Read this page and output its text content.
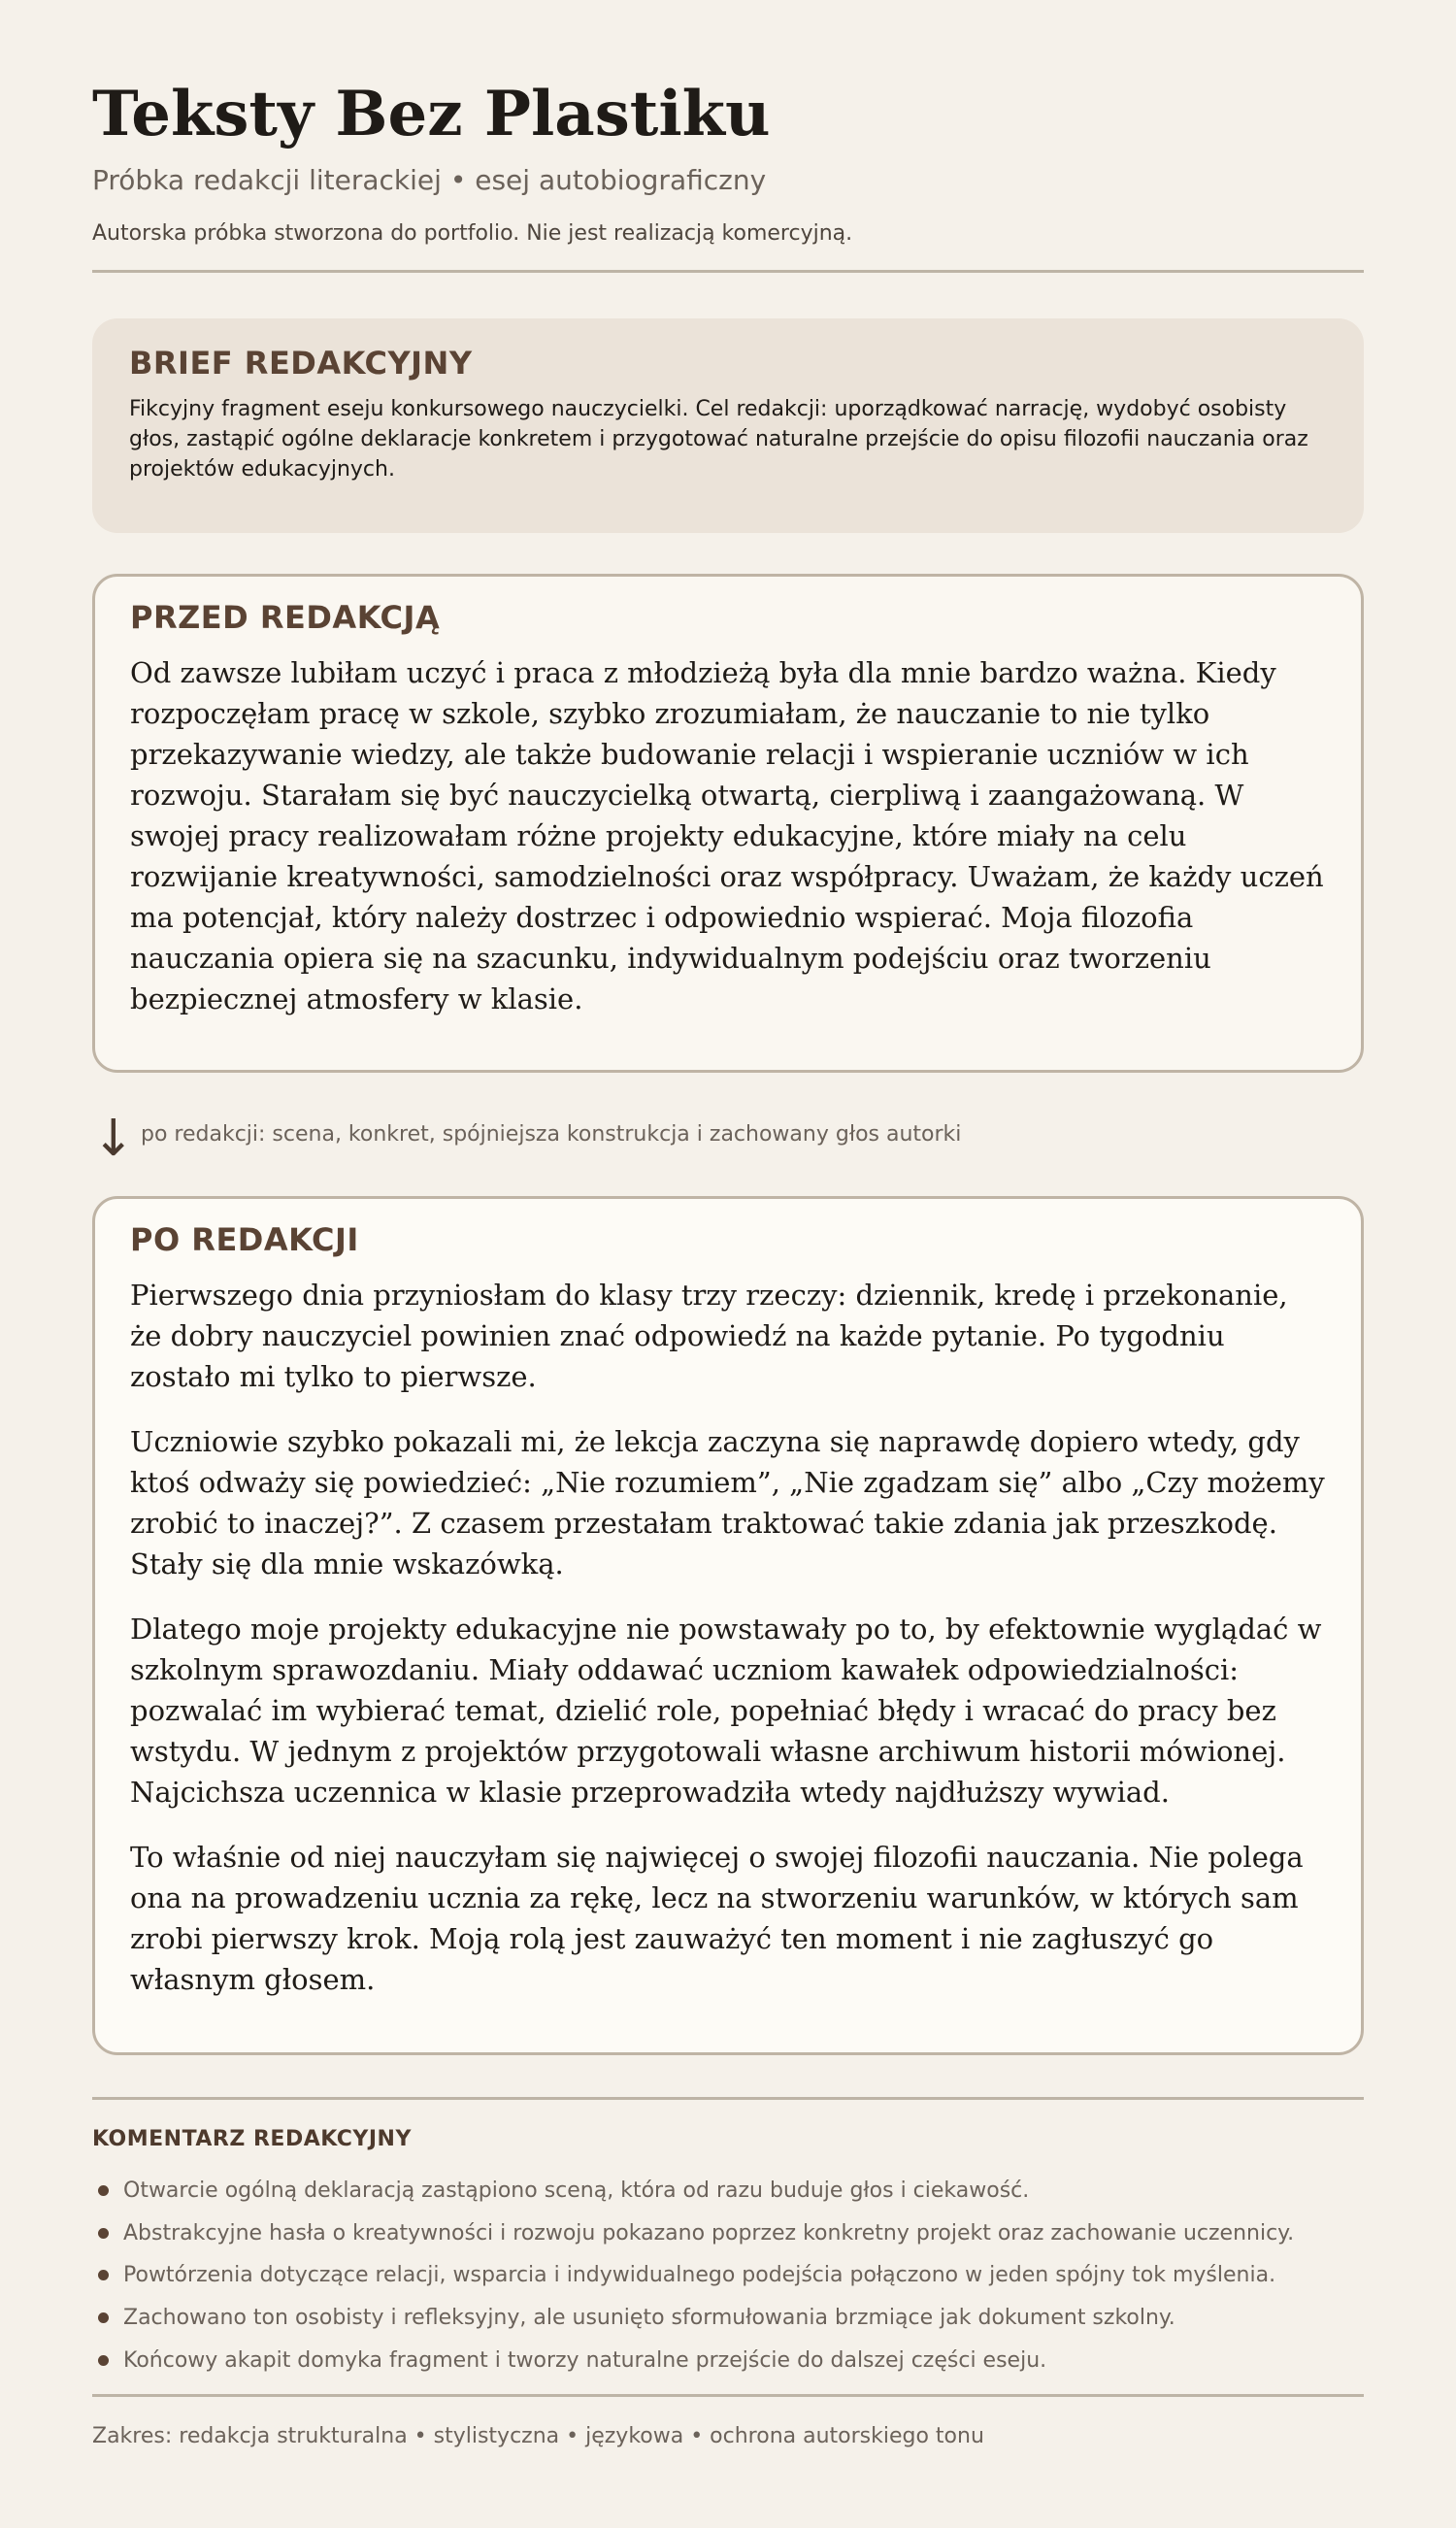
Teksty Bez Plastiku

Próbka redakcji literackiej • esej autobiograficzny

Autorska próbka stworzona do portfolio. Nie jest realizacją komercyjną.

BRIEF REDAKCYJNY

Fikcyjny fragment eseju konkursowego nauczycielki. Cel redakcji: uporządkować narrację, wydobyć osobisty głos, zastąpić ogólne deklaracje konkretem i przygotować naturalne przejście do opisu filozofii nauczania oraz projektów edukacyjnych.

PRZED REDAKCJĄ

Od zawsze lubiłam uczyć i praca z młodzieżą była dla mnie bardzo ważna. Kiedy rozpoczęłam pracę w szkole, szybko zrozumiałam, że nauczanie to nie tylko przekazywanie wiedzy, ale także budowanie relacji i wspieranie uczniów w ich rozwoju. Starałam się być nauczycielką otwartą, cierpliwą i zaangażowaną. W swojej pracy realizowałam różne projekty edukacyjne, które miały na celu rozwijanie kreatywności, samodzielności oraz współpracy. Uważam, że każdy uczeń ma potencjał, który należy dostrzec i odpowiednio wspierać. Moja filozofia nauczania opiera się na szacunku, indywidualnym podejściu oraz tworzeniu bezpiecznej atmosfery w klasie.

↓ po redakcji: scena, konkret, spójniejsza konstrukcja i zachowany głos autorki
PO REDAKCJI

Pierwszego dnia przyniosłam do klasy trzy rzeczy: dziennik, kredę i przekonanie, że dobry nauczyciel powinien znać odpowiedź na każde pytanie. Po tygodniu zostało mi tylko to pierwsze.

Uczniowie szybko pokazali mi, że lekcja zaczyna się naprawdę dopiero wtedy, gdy ktoś odważy się powiedzieć: „Nie rozumiem”, „Nie zgadzam się” albo „Czy możemy zrobić to inaczej?”. Z czasem przestałam traktować takie zdania jak przeszkodę. Stały się dla mnie wskazówką.

Dlatego moje projekty edukacyjne nie powstawały po to, by efektownie wyglądać w szkolnym sprawozdaniu. Miały oddawać uczniom kawałek odpowiedzialności: pozwalać im wybierać temat, dzielić role, popełniać błędy i wracać do pracy bez wstydu. W jednym z projektów przygotowali własne archiwum historii mówionej. Najcichsza uczennica w klasie przeprowadziła wtedy najdłuższy wywiad.

To właśnie od niej nauczyłam się najwięcej o swojej filozofii nauczania. Nie polega ona na prowadzeniu ucznia za rękę, lecz na stworzeniu warunków, w których sam zrobi pierwszy krok. Moją rolą jest zauważyć ten moment i nie zagłuszyć go własnym głosem.

KOMENTARZ REDAKCYJNY
Otwarcie ogólną deklaracją zastąpiono sceną, która od razu buduje głos i ciekawość.
Abstrakcyjne hasła o kreatywności i rozwoju pokazano poprzez konkretny projekt oraz zachowanie uczennicy.
Powtórzenia dotyczące relacji, wsparcia i indywidualnego podejścia połączono w jeden spójny tok myślenia.
Zachowano ton osobisty i refleksyjny, ale usunięto sformułowania brzmiące jak dokument szkolny.
Końcowy akapit domyka fragment i tworzy naturalne przejście do dalszej części eseju.

Zakres: redakcja strukturalna • stylistyczna • językowa • ochrona autorskiego tonu
